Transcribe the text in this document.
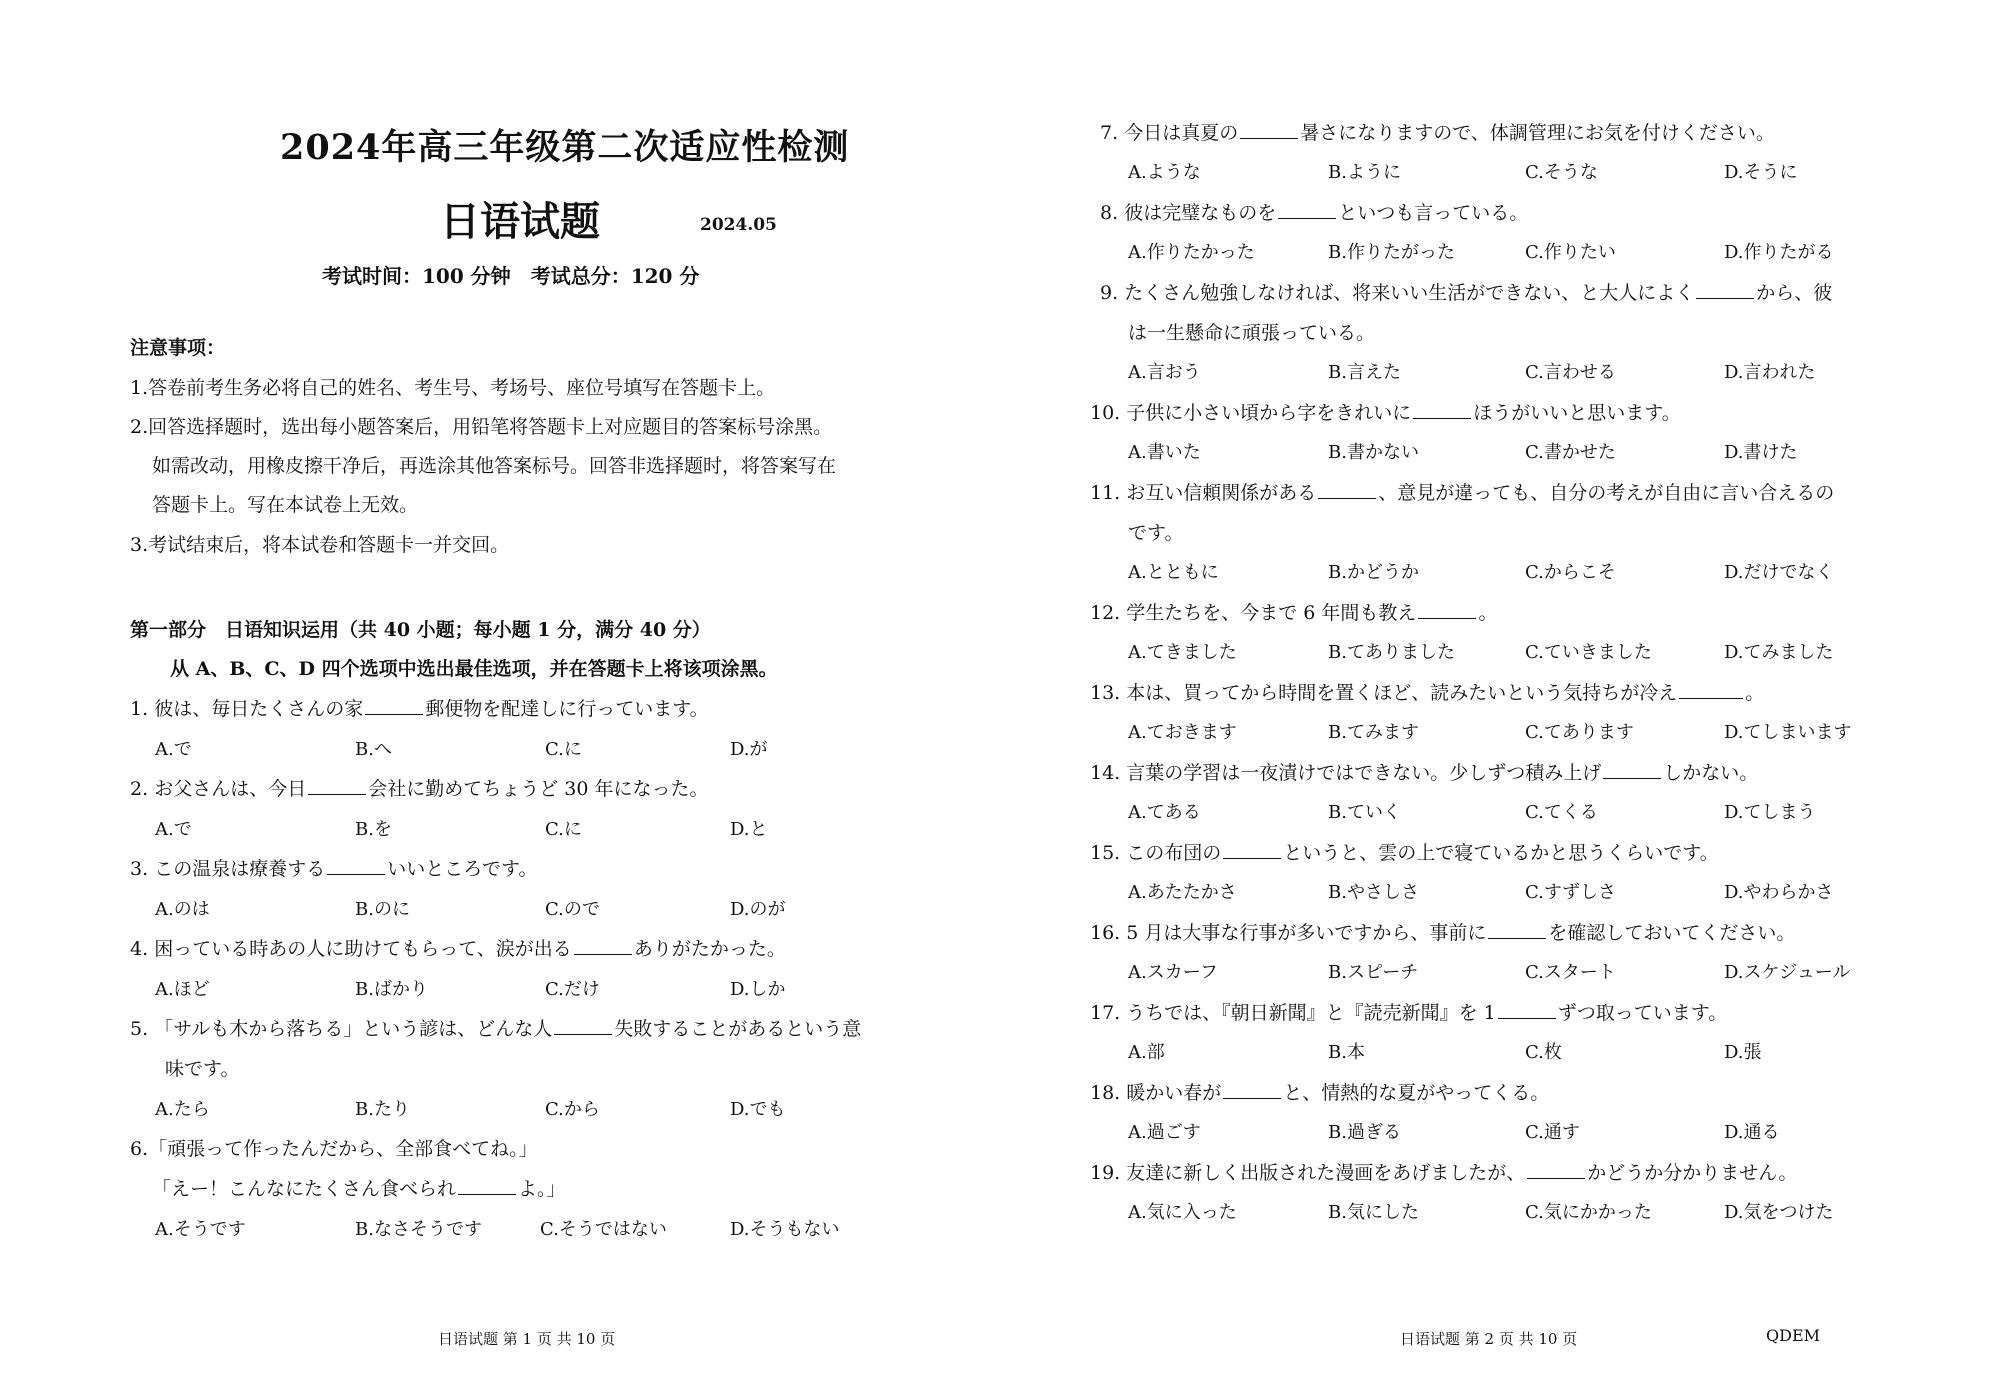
2024年高三年级第二次适应性检测
日语试题	2024.05
考试时间：100 分钟　考试总分：120 分
注意事项：
1.答卷前考生务必将自己的姓名、考生号、考场号、座位号填写在答题卡上。
2.回答选择题时，选出每小题答案后，用铅笔将答题卡上对应题目的答案标号涂黑。
如需改动，用橡皮擦干净后，再选涂其他答案标号。回答非选择题时，将答案写在
答题卡上。写在本试卷上无效。
3.考试结束后，将本试卷和答题卡一并交回。
第一部分　日语知识运用（共 40 小题；每小题 1 分，满分 40 分）
从 A、B、C、D 四个选项中选出最佳选项，并在答题卡上将该项涂黑。
1. 彼は、毎日たくさんの家	郵便物を配達しに行っています。
A.で	B.へ	C.に	D.が
2. お父さんは、今日	会社に勤めてちょうど 30 年になった。
A.で	B.を	C.に	D.と
3. この温泉は療養する	いいところです。
A.のは	B.のに	C.ので	D.のが
4. 困っている時あの人に助けてもらって、涙が出る	ありがたかった。
A.ほど	B.ばかり	C.だけ	D.しか
5. 「サルも木から落ちる」という諺は、どんな人	失敗することがあるという意
味です。
A.たら	B.たり	C.から	D.でも
6.「頑張って作ったんだから、全部食べてね。」
「えー！こんなにたくさん食べられ	よ。」
A.そうです	B.なさそうです	C.そうではない	D.そうもない
日语试题 第 1 页 共 10 页
7. 今日は真夏の	暑さになりますので、体調管理にお気を付けください。
A.ような	B.ように	C.そうな	D.そうに
8. 彼は完璧なものを	といつも言っている。
A.作りたかった	B.作りたがった	C.作りたい	D.作りたがる
9. たくさん勉強しなければ、将来いい生活ができない、と大人によく	から、彼
は一生懸命に頑張っている。
A.言おう	B.言えた	C.言わせる	D.言われた
10. 子供に小さい頃から字をきれいに	ほうがいいと思います。
A.書いた	B.書かない	C.書かせた	D.書けた
11. お互い信頼関係がある	、意見が違っても、自分の考えが自由に言い合えるの
です。
A.とともに	B.かどうか	C.からこそ	D.だけでなく
12. 学生たちを、今まで 6 年間も教え	。
A.てきました	B.てありました	C.ていきました	D.てみました
13. 本は、買ってから時間を置くほど、読みたいという気持ちが冷え	。
A.ておきます	B.てみます	C.てあります	D.てしまいます
14. 言葉の学習は一夜漬けではできない。少しずつ積み上げ	しかない。
A.てある	B.ていく	C.てくる	D.てしまう
15. この布団の	というと、雲の上で寝ているかと思うくらいです。
A.あたたかさ	B.やさしさ	C.すずしさ	D.やわらかさ
16. 5 月は大事な行事が多いですから、事前に	を確認しておいてください。
A.スカーフ	B.スピーチ	C.スタート	D.スケジュール
17. うちでは、『朝日新聞』と『読売新聞』を 1	ずつ取っています。
A.部	B.本	C.枚	D.張
18. 暖かい春が	と、情熱的な夏がやってくる。
A.過ごす	B.過ぎる	C.通す	D.通る
19. 友達に新しく出版された漫画をあげましたが、	かどうか分かりません。
A.気に入った	B.気にした	C.気にかかった	D.気をつけた
日语试题 第 2 页 共 10 页	QDEM
